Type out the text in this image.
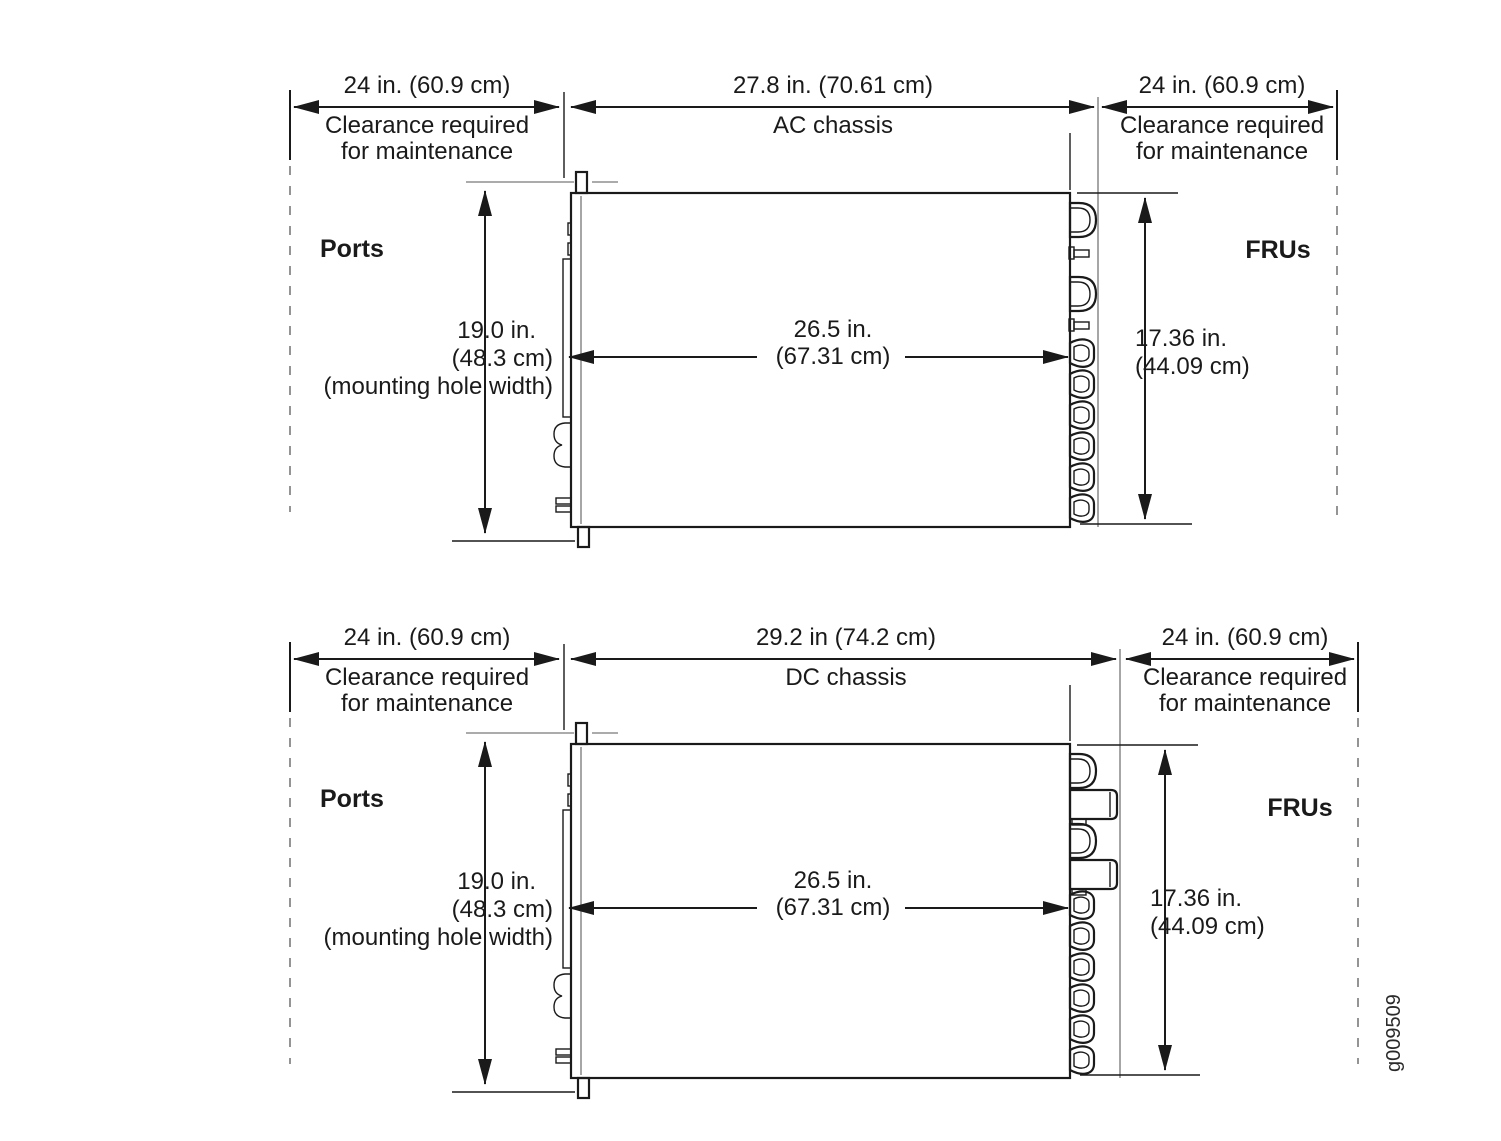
24 in. (60.9 cm)
Clearance required
for maintenance
27.8 in. (70.61 cm)
AC chassis
24 in. (60.9 cm)
Clearance required
for maintenance
Ports	FRUs
19.0 in.
(48.3 cm)
(mounting hole width)
26.5 in.
(67.31 cm)
17.36 in.
(44.09 cm)
24 in. (60.9 cm)
Clearance required
for maintenance
29.2 in (74.2 cm)
DC chassis
24 in. (60.9 cm)
Clearance required
for maintenance
Ports	FRUs
19.0 in.
(48.3 cm)
(mounting hole width)
26.5 in.
(67.31 cm)	17.36 in.
(44.09 cm)
g009509
